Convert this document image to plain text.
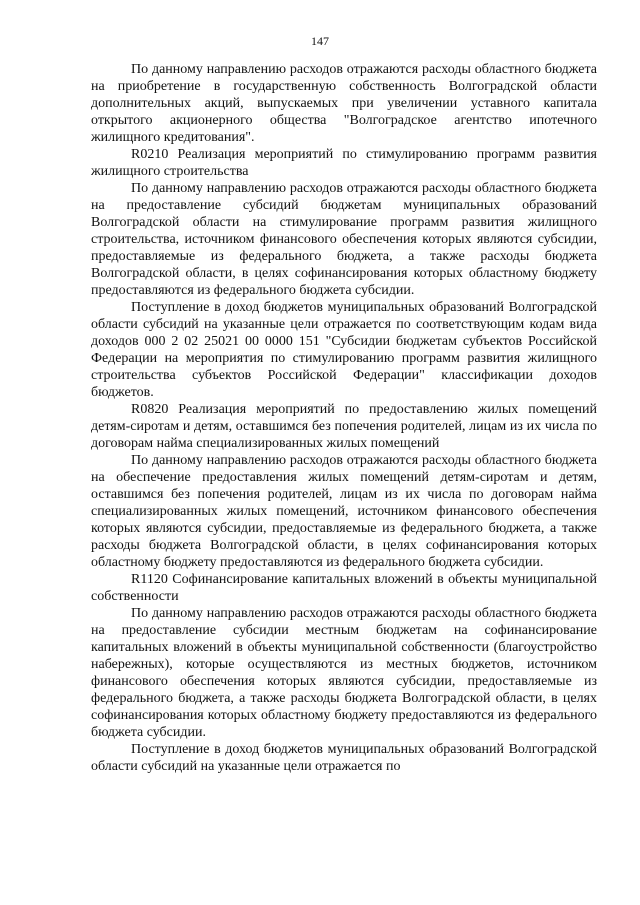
147

По данному направлению расходов отражаются расходы областного бюджета на приобретение в государственную собственность Волгоградской области дополнительных акций, выпускаемых при увеличении уставного капитала открытого акционерного общества "Волгоградское агентство ипотечного жилищного кредитования".

R0210 Реализация мероприятий по стимулированию программ развития жилищного строительства

По данному направлению расходов отражаются расходы областного бюджета на предоставление субсидий бюджетам муниципальных образований Волгоградской области на стимулирование программ развития жилищного строительства, источником финансового обеспечения которых являются субсидии, предоставляемые из федерального бюджета, а также расходы бюджета Волгоградской области, в целях софинансирования которых областному бюджету предоставляются из федерального бюджета субсидии.

Поступление в доход бюджетов муниципальных образований Волгоградской области субсидий на указанные цели отражается по соответствующим кодам вида доходов 000 2 02 25021 00 0000 151 "Субсидии бюджетам субъектов Российской Федерации на мероприятия по стимулированию программ развития жилищного строительства субъектов Российской Федерации" классификации доходов бюджетов.

R0820 Реализация мероприятий по предоставлению жилых помещений детям-сиротам и детям, оставшимся без попечения родителей, лицам из их числа по договорам найма специализированных жилых помещений

По данному направлению расходов отражаются расходы областного бюджета на обеспечение предоставления жилых помещений детям-сиротам и детям, оставшимся без попечения родителей, лицам из их числа по договорам найма специализированных жилых помещений, источником финансового обеспечения которых являются субсидии, предоставляемые из федерального бюджета, а также расходы бюджета Волгоградской области, в целях софинансирования которых областному бюджету предоставляются из федерального бюджета субсидии.

R1120 Софинансирование капитальных вложений в объекты муниципальной собственности

По данному направлению расходов отражаются расходы областного бюджета на предоставление субсидии местным бюджетам на софинансирование капитальных вложений в объекты муниципальной собственности (благоустройство набережных), которые осуществляются из местных бюджетов, источником финансового обеспечения которых являются субсидии, предоставляемые из федерального бюджета, а также расходы бюджета Волгоградской области, в целях софинансирования которых областному бюджету предоставляются из федерального бюджета субсидии.

Поступление в доход бюджетов муниципальных образований Волгоградской области субсидий на указанные цели отражается по
